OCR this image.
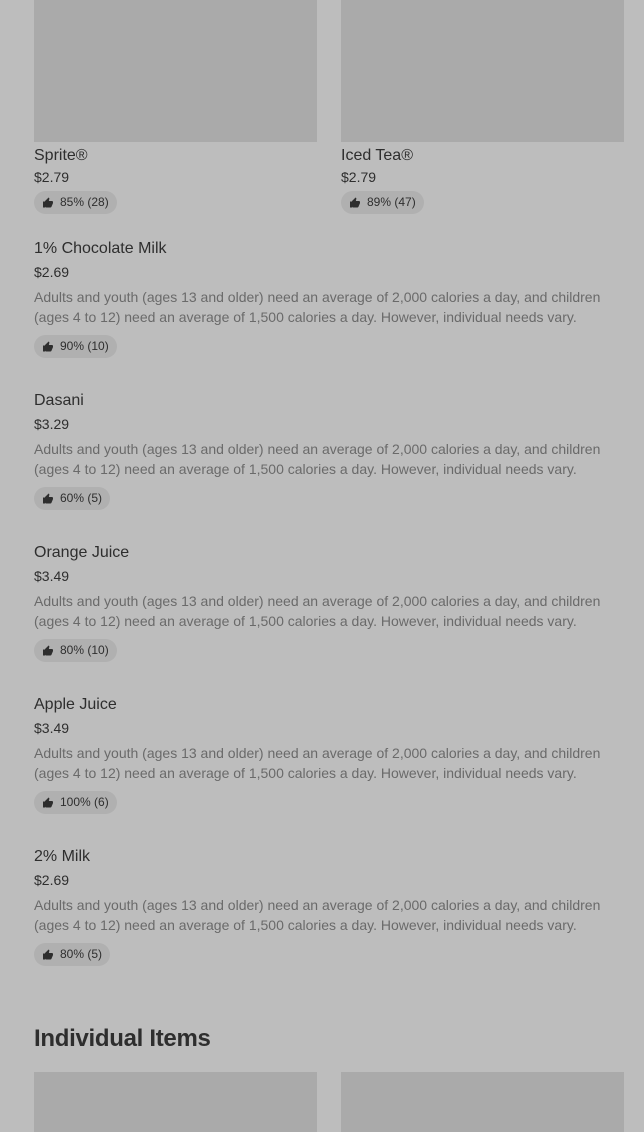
Sprite®
$2.79
85% (28)
Iced Tea®
$2.79
89% (47)
1% Chocolate Milk
$2.69
Adults and youth (ages 13 and older) need an average of 2,000 calories a day, and children (ages 4 to 12) need an average of 1,500 calories a day. However, individual needs vary.
90% (10)
Dasani
$3.29
Adults and youth (ages 13 and older) need an average of 2,000 calories a day, and children (ages 4 to 12) need an average of 1,500 calories a day. However, individual needs vary.
60% (5)
Orange Juice
$3.49
Adults and youth (ages 13 and older) need an average of 2,000 calories a day, and children (ages 4 to 12) need an average of 1,500 calories a day. However, individual needs vary.
80% (10)
Apple Juice
$3.49
Adults and youth (ages 13 and older) need an average of 2,000 calories a day, and children (ages 4 to 12) need an average of 1,500 calories a day. However, individual needs vary.
100% (6)
2% Milk
$2.69
Adults and youth (ages 13 and older) need an average of 2,000 calories a day, and children (ages 4 to 12) need an average of 1,500 calories a day. However, individual needs vary.
80% (5)
Individual Items
